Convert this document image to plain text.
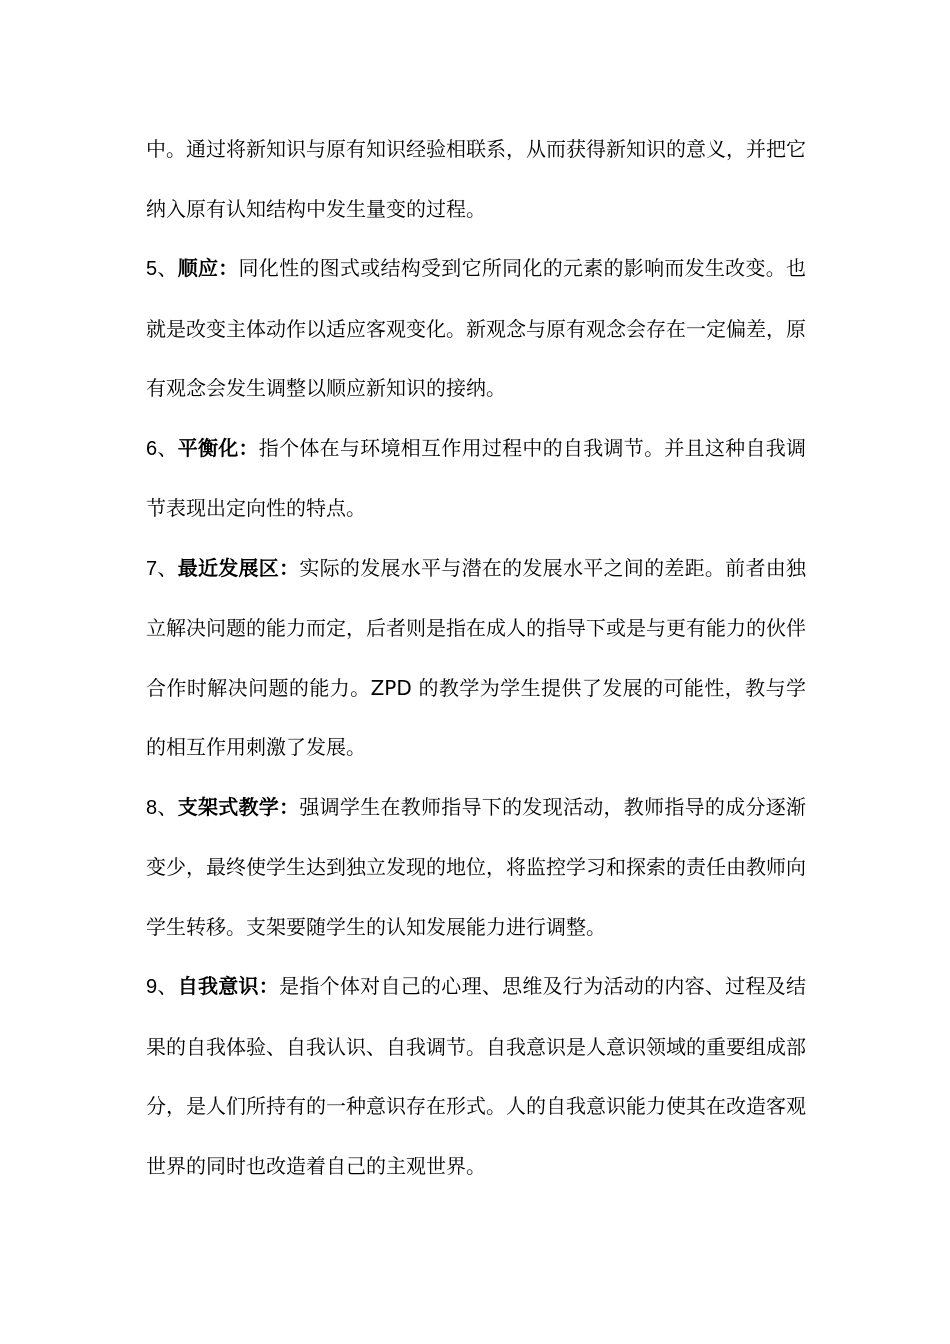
中。通过将新知识与原有知识经验相联系，从而获得新知识的意义，并把它纳入原有认知结构中发生量变的过程。

5、顺应：同化性的图式或结构受到它所同化的元素的影响而发生改变。也就是改变主体动作以适应客观变化。新观念与原有观念会存在一定偏差，原有观念会发生调整以顺应新知识的接纳。

6、平衡化：指个体在与环境相互作用过程中的自我调节。并且这种自我调节表现出定向性的特点。

7、最近发展区：实际的发展水平与潜在的发展水平之间的差距。前者由独立解决问题的能力而定，后者则是指在成人的指导下或是与更有能力的伙伴合作时解决问题的能力。ZPD 的教学为学生提供了发展的可能性，教与学的相互作用刺激了发展。

8、支架式教学：强调学生在教师指导下的发现活动，教师指导的成分逐渐变少，最终使学生达到独立发现的地位，将监控学习和探索的责任由教师向学生转移。支架要随学生的认知发展能力进行调整。

9、自我意识：是指个体对自己的心理、思维及行为活动的内容、过程及结果的自我体验、自我认识、自我调节。自我意识是人意识领域的重要组成部分，是人们所持有的一种意识存在形式。人的自我意识能力使其在改造客观世界的同时也改造着自己的主观世界。
